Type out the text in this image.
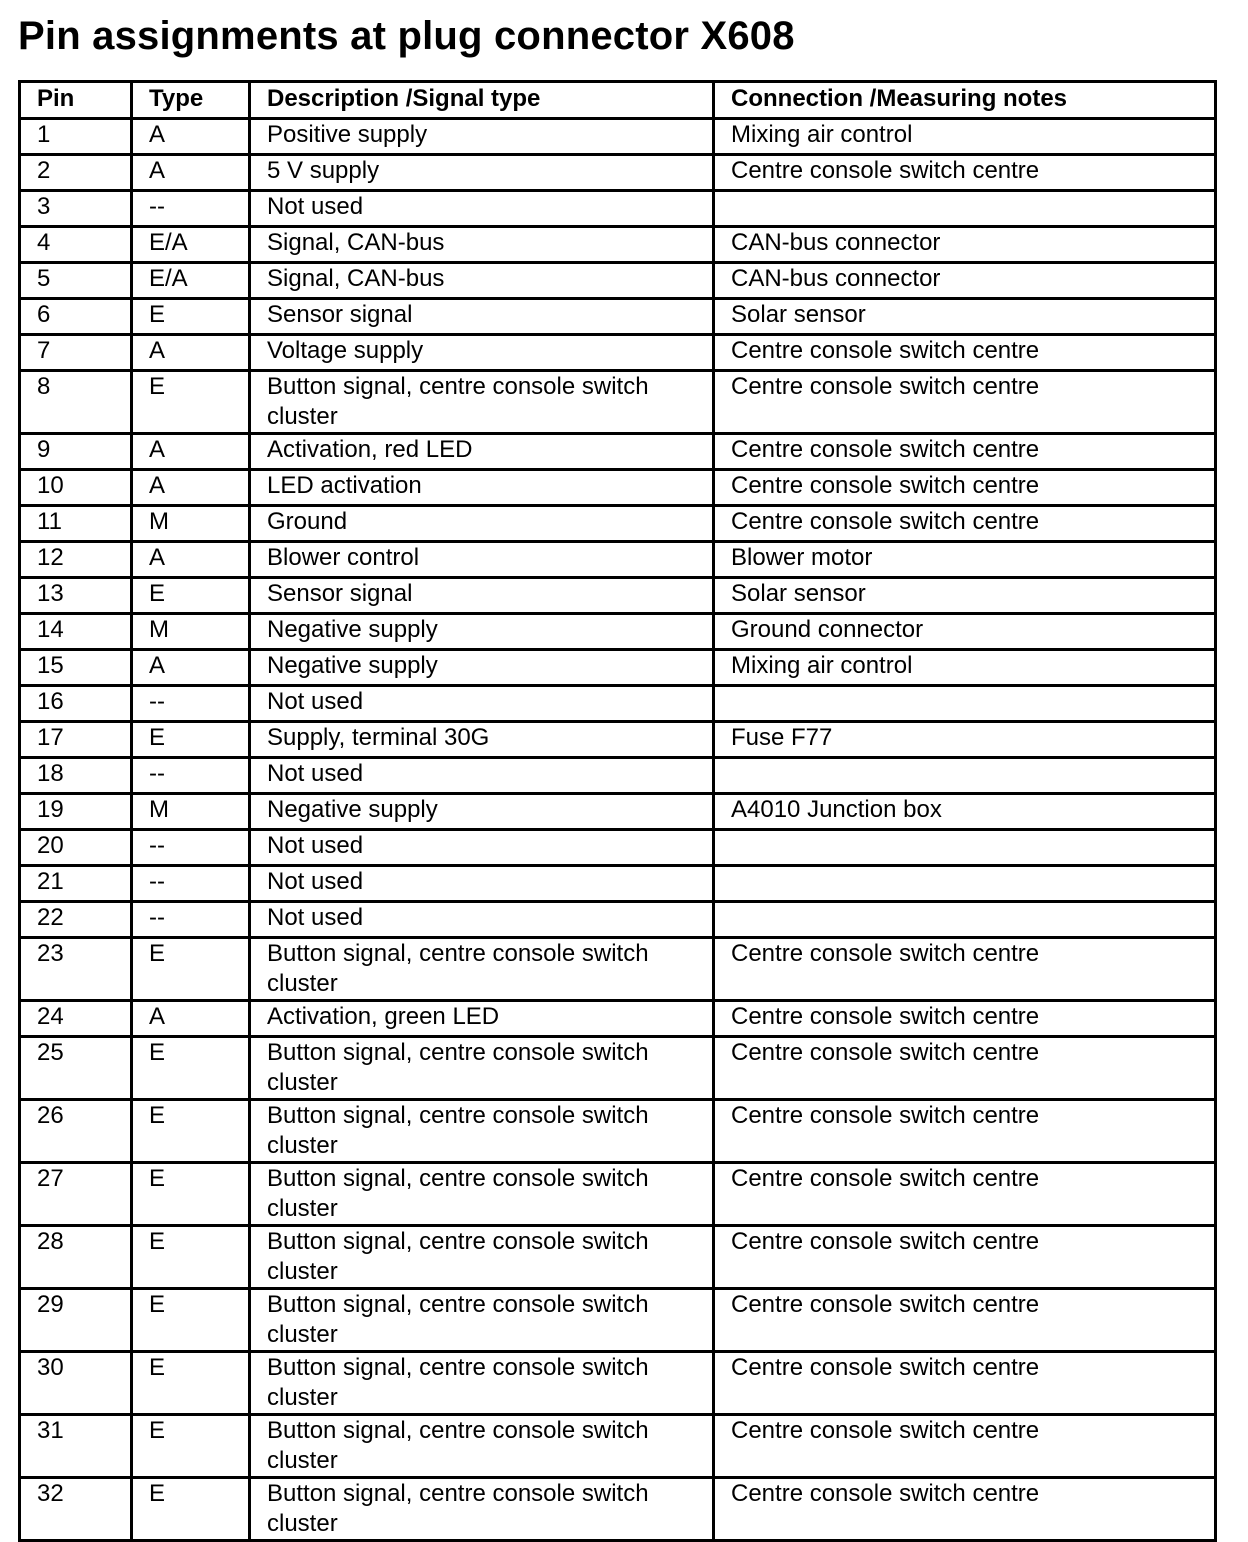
Pin assignments at plug connector X608
Pin	Type	Description /Signal type	Connection /Measuring notes
1	A	Positive supply	Mixing air control
2	A	5 V supply	Centre console switch centre
3	--	Not used	
4	E/A	Signal, CAN-bus	CAN-bus connector
5	E/A	Signal, CAN-bus	CAN-bus connector
6	E	Sensor signal	Solar sensor
7	A	Voltage supply	Centre console switch centre
8	E	Button signal, centre console switch cluster	Centre console switch centre
9	A	Activation, red LED	Centre console switch centre
10	A	LED activation	Centre console switch centre
11	M	Ground	Centre console switch centre
12	A	Blower control	Blower motor
13	E	Sensor signal	Solar sensor
14	M	Negative supply	Ground connector
15	A	Negative supply	Mixing air control
16	--	Not used	
17	E	Supply, terminal 30G	Fuse F77
18	--	Not used	
19	M	Negative supply	A4010 Junction box
20	--	Not used	
21	--	Not used	
22	--	Not used	
23	E	Button signal, centre console switch cluster	Centre console switch centre
24	A	Activation, green LED	Centre console switch centre
25	E	Button signal, centre console switch cluster	Centre console switch centre
26	E	Button signal, centre console switch cluster	Centre console switch centre
27	E	Button signal, centre console switch cluster	Centre console switch centre
28	E	Button signal, centre console switch cluster	Centre console switch centre
29	E	Button signal, centre console switch cluster	Centre console switch centre
30	E	Button signal, centre console switch cluster	Centre console switch centre
31	E	Button signal, centre console switch cluster	Centre console switch centre
32	E	Button signal, centre console switch cluster	Centre console switch centre
